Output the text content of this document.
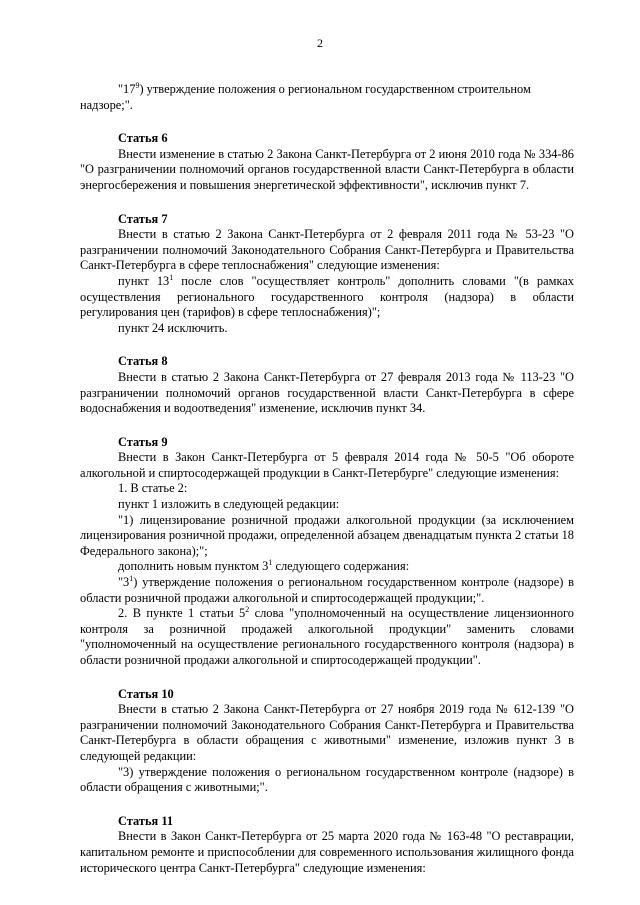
2

"$17^9$) утверждение положения о региональном государственном строительном
надзоре;".

Статья 6

Внести изменение в статью 2 Закона Санкт-Петербурга от 2 июня 2010 года № 334-86 "О разграничении полномочий органов государственной власти Санкт-Петербурга в области энергосбережения и повышения энергетической эффективности", исключив пункт 7.

Статья 7

Внести в статью 2 Закона Санкт-Петербурга от 2 февраля 2011 года № 53-23 "О разграничении полномочий Законодательного Собрания Санкт-Петербурга и Правительства Санкт-Петербурга в сфере теплоснабжения" следующие изменения:

пункт $13^1$ после слов "осуществляет контроль" дополнить словами "(в рамках осуществления регионального государственного контроля (надзора) в области регулирования цен (тарифов) в сфере теплоснабжения)";

пункт 24 исключить.

Статья 8

Внести в статью 2 Закона Санкт-Петербурга от 27 февраля 2013 года № 113-23 "О разграничении полномочий органов государственной власти Санкт-Петербурга в сфере водоснабжения и водоотведения" изменение, исключив пункт 34.

Статья 9

Внести в Закон Санкт-Петербурга от 5 февраля 2014 года № 50-5 "Об обороте алкогольной и спиртосодержащей продукции в Санкт-Петербурге" следующие изменения:

1. В статье 2:

пункт 1 изложить в следующей редакции:

"1) лицензирование розничной продажи алкогольной продукции (за исключением лицензирования розничной продажи, определенной абзацем двенадцатым пункта 2 статьи 18 Федерального закона);";

дополнить новым пунктом $3^1$ следующего содержания:

"$3^1$) утверждение положения о региональном государственном контроле (надзоре) в области розничной продажи алкогольной и спиртосодержащей продукции;".

2. В пункте 1 статьи $5^2$ слова "уполномоченный на осуществление лицензионного контроля за розничной продажей алкогольной продукции" заменить словами "уполномоченный на осуществление регионального государственного контроля (надзора) в области розничной продажи алкогольной и спиртосодержащей продукции".

Статья 10

Внести в статью 2 Закона Санкт-Петербурга от 27 ноября 2019 года № 612-139 "О разграничении полномочий Законодательного Собрания Санкт-Петербурга и Правительства Санкт-Петербурга в области обращения с животными" изменение, изложив пункт 3 в следующей редакции:

"3) утверждение положения о региональном государственном контроле (надзоре) в области обращения с животными;".

Статья 11

Внести в Закон Санкт-Петербурга от 25 марта 2020 года № 163-48 "О реставрации, капитальном ремонте и приспособлении для современного использования жилищного фонда исторического центра Санкт-Петербурга" следующие изменения:
